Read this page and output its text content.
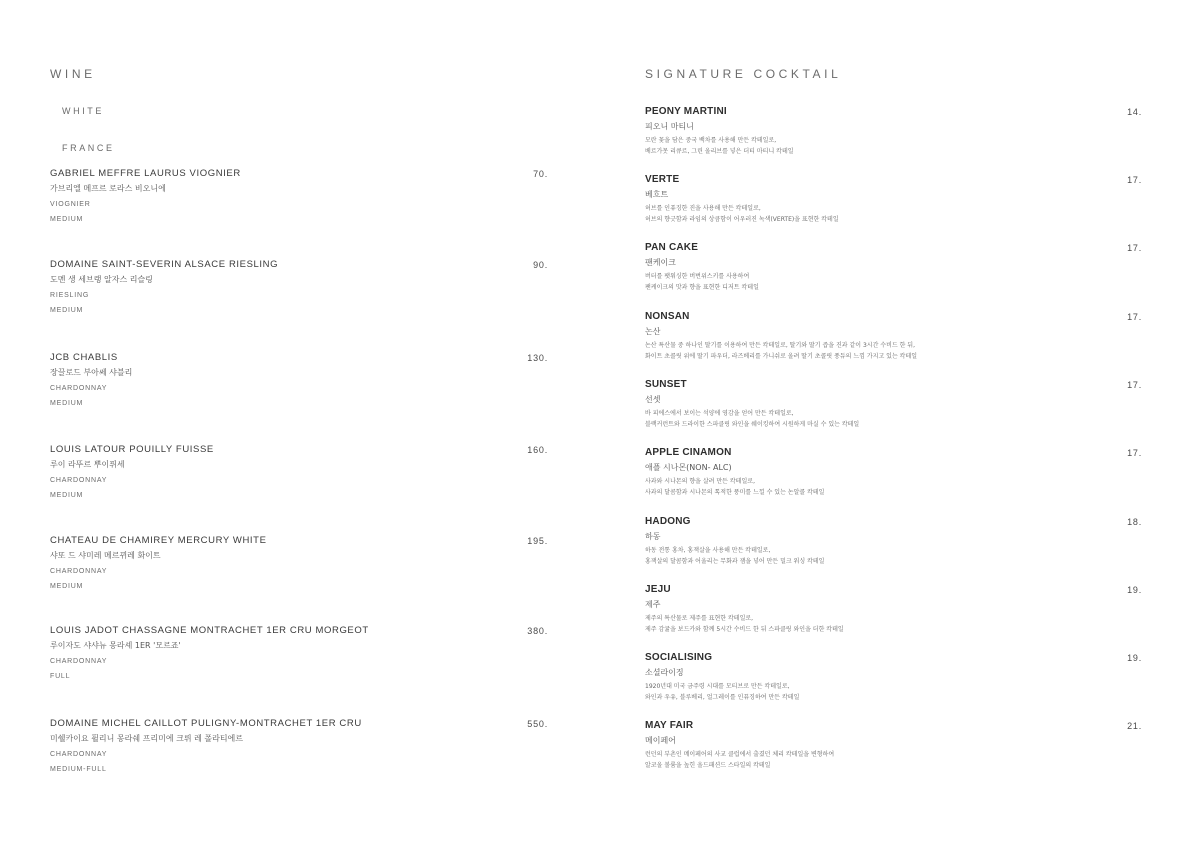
WINE
WHITE
FRANCE
GABRIEL MEFFRE LAURUS VIOGNIER	70.
가브리엘 메프르 로라스 비오니에
VIOGNIER
MEDIUM
DOMAINE SAINT-SEVERIN ALSACE RIESLING	90.
도멘 생 세브랭 알자스 리슬링
RIESLING
MEDIUM
JCB CHABLIS	130.
장끌로드 부아쎄 샤블리
CHARDONNAY
MEDIUM
LOUIS LATOUR POUILLY FUISSE	160.
루이 라뚜르 뿌이퓌세
CHARDONNAY
MEDIUM
CHATEAU DE CHAMIREY MERCURY WHITE	195.
샤또 드 샤미레 메르뀌레 화이트
CHARDONNAY
MEDIUM
LOUIS JADOT CHASSAGNE MONTRACHET 1ER CRU MORGEOT	380.
루이자도 샤샤뉴 몽라셰 1ER '모르죠'
CHARDONNAY
FULL
DOMAINE MICHEL CAILLOT PULIGNY-MONTRACHET 1ER CRU	550.
미쉘카이요 퓔리니 몽라쉐 프리미에 크뤼 레 폴라티에르
CHARDONNAY
MEDIUM-FULL
SIGNATURE COCKTAIL
PEONY MARTINI	14.
피오니 마티니
모란 꽃을 담은 중국 백차를 사용해 만든 칵테일로,
베르가못 리큐르, 그린 올리브를 넣은 더티 마티니 칵테일
VERTE	17.
베흐트
허브를 인퓨징한 진을 사용해 만든 칵테일로,
허브의 향긋함과 라임의 상큼함이 어우러진 녹색(VERTE)을 표현한 칵테일
PAN CAKE	17.
팬케이크
버터를 팻워싱한 버번위스키를 사용하여
팬케이크의 맛과 향을 표현한 디저트 칵테일
NONSAN	17.
논산
논산 특산물 중 하나인 딸기를 이용하여 만든 칵테일로, 딸기와 딸기 즙을 진과 같이 3시간 수비드 한 뒤,
화이트 초콜릿 위에 딸기 파우더, 라즈베리를 가니쉬로 올려 딸기 초콜릿 풍듀의 느낌 가지고 있는 칵테일
SUNSET	17.
선셋
바 피에스에서 보이는 석양에 영감을 얻어 만든 칵테일로,
블랙커런트와 드라이한 스파클링 와인을 쉐이킹하여 시원하게 마실 수 있는 칵테일
APPLE CINAMON	17.
애플 시나몬(NON- ALC)
사과와 시나몬의 향을 살려 만든 칵테일로,
사과의 달콤함과 시나몬의 톡적한 풍미를 느낄 수 있는 논알콜 칵테일
HADONG	18.
하동
하동 전통 홍차, 홍잭살을 사용해 만든 칵테일로,
홍잭살의 달콤함과 어울리는 무화과 잼을 넣어 만든 밀크 워싱 칵테일
JEJU	19.
제주
제주의 특산물로 제주를 표현한 칵테일로,
제주 감귤을 보드카와 함께 5시간 수비드 한 뒤 스파클링 와인을 더한 칵테일
SOCIALISING	19.
소셜라이징
1920년대 미국 금주령 시대를 모티브로 만든 칵테일로,
와인과 우유, 블루베리, 얼그레이를 인퓨징하여 만든 칵테일
MAY FAIR	21.
메이페어
런던의 부촌인 메이페어의 사교 클럽에서 출겼던 체리 칵테일을 변형하여
알코올 볼륨을 높힌 올드패션드 스타일의 칵테일
